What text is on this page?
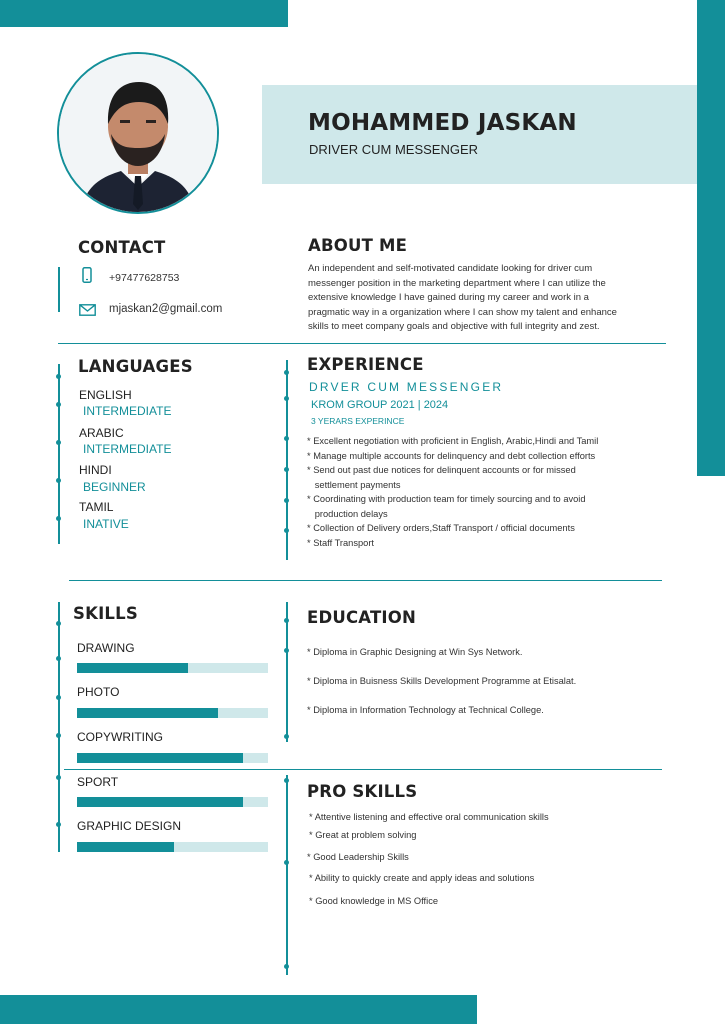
MOHAMMED JASKAN
DRIVER CUM MESSENGER
CONTACT
+97477628753
mjaskan2@gmail.com
ABOUT ME
An independent and self-motivated candidate looking for driver cum
messenger position in the marketing department where I can utilize the
extensive knowledge I have gained during my career and work in a
pragmatic way in a organization where I can show my talent and enhance
skills to meet company goals and objective with full integrity and zest.
LANGUAGES
ENGLISH
INTERMEDIATE
ARABIC
INTERMEDIATE
HINDI
BEGINNER
TAMIL
INATIVE
EXPERIENCE
DRVER CUM MESSENGER
KROM GROUP 2021 | 2024
3 YERARS EXPERINCE
* Excellent negotiation with proficient in English, Arabic,Hindi and Tamil
* Manage multiple accounts for delinquency and debt collection efforts
* Send out past due notices for delinquent accounts or for missed
settlement payments
* Coordinating with production team for timely sourcing and to avoid
production delays
* Collection of Delivery orders,Staff Transport / official documents
* Staff Transport
SKILLS
DRAWING
PHOTO
COPYWRITING
SPORT
GRAPHIC DESIGN
EDUCATION
* Diploma in Graphic Designing at Win Sys Network.
* Diploma in Buisness Skills Development Programme at Etisalat.
* Diploma in Information Technology at Technical College.
PRO SKILLS
* Attentive listening and effective oral communication skills
* Great at problem solving
* Good Leadership Skills
* Ability to quickly create and apply ideas and solutions
* Good knowledge in MS Office
